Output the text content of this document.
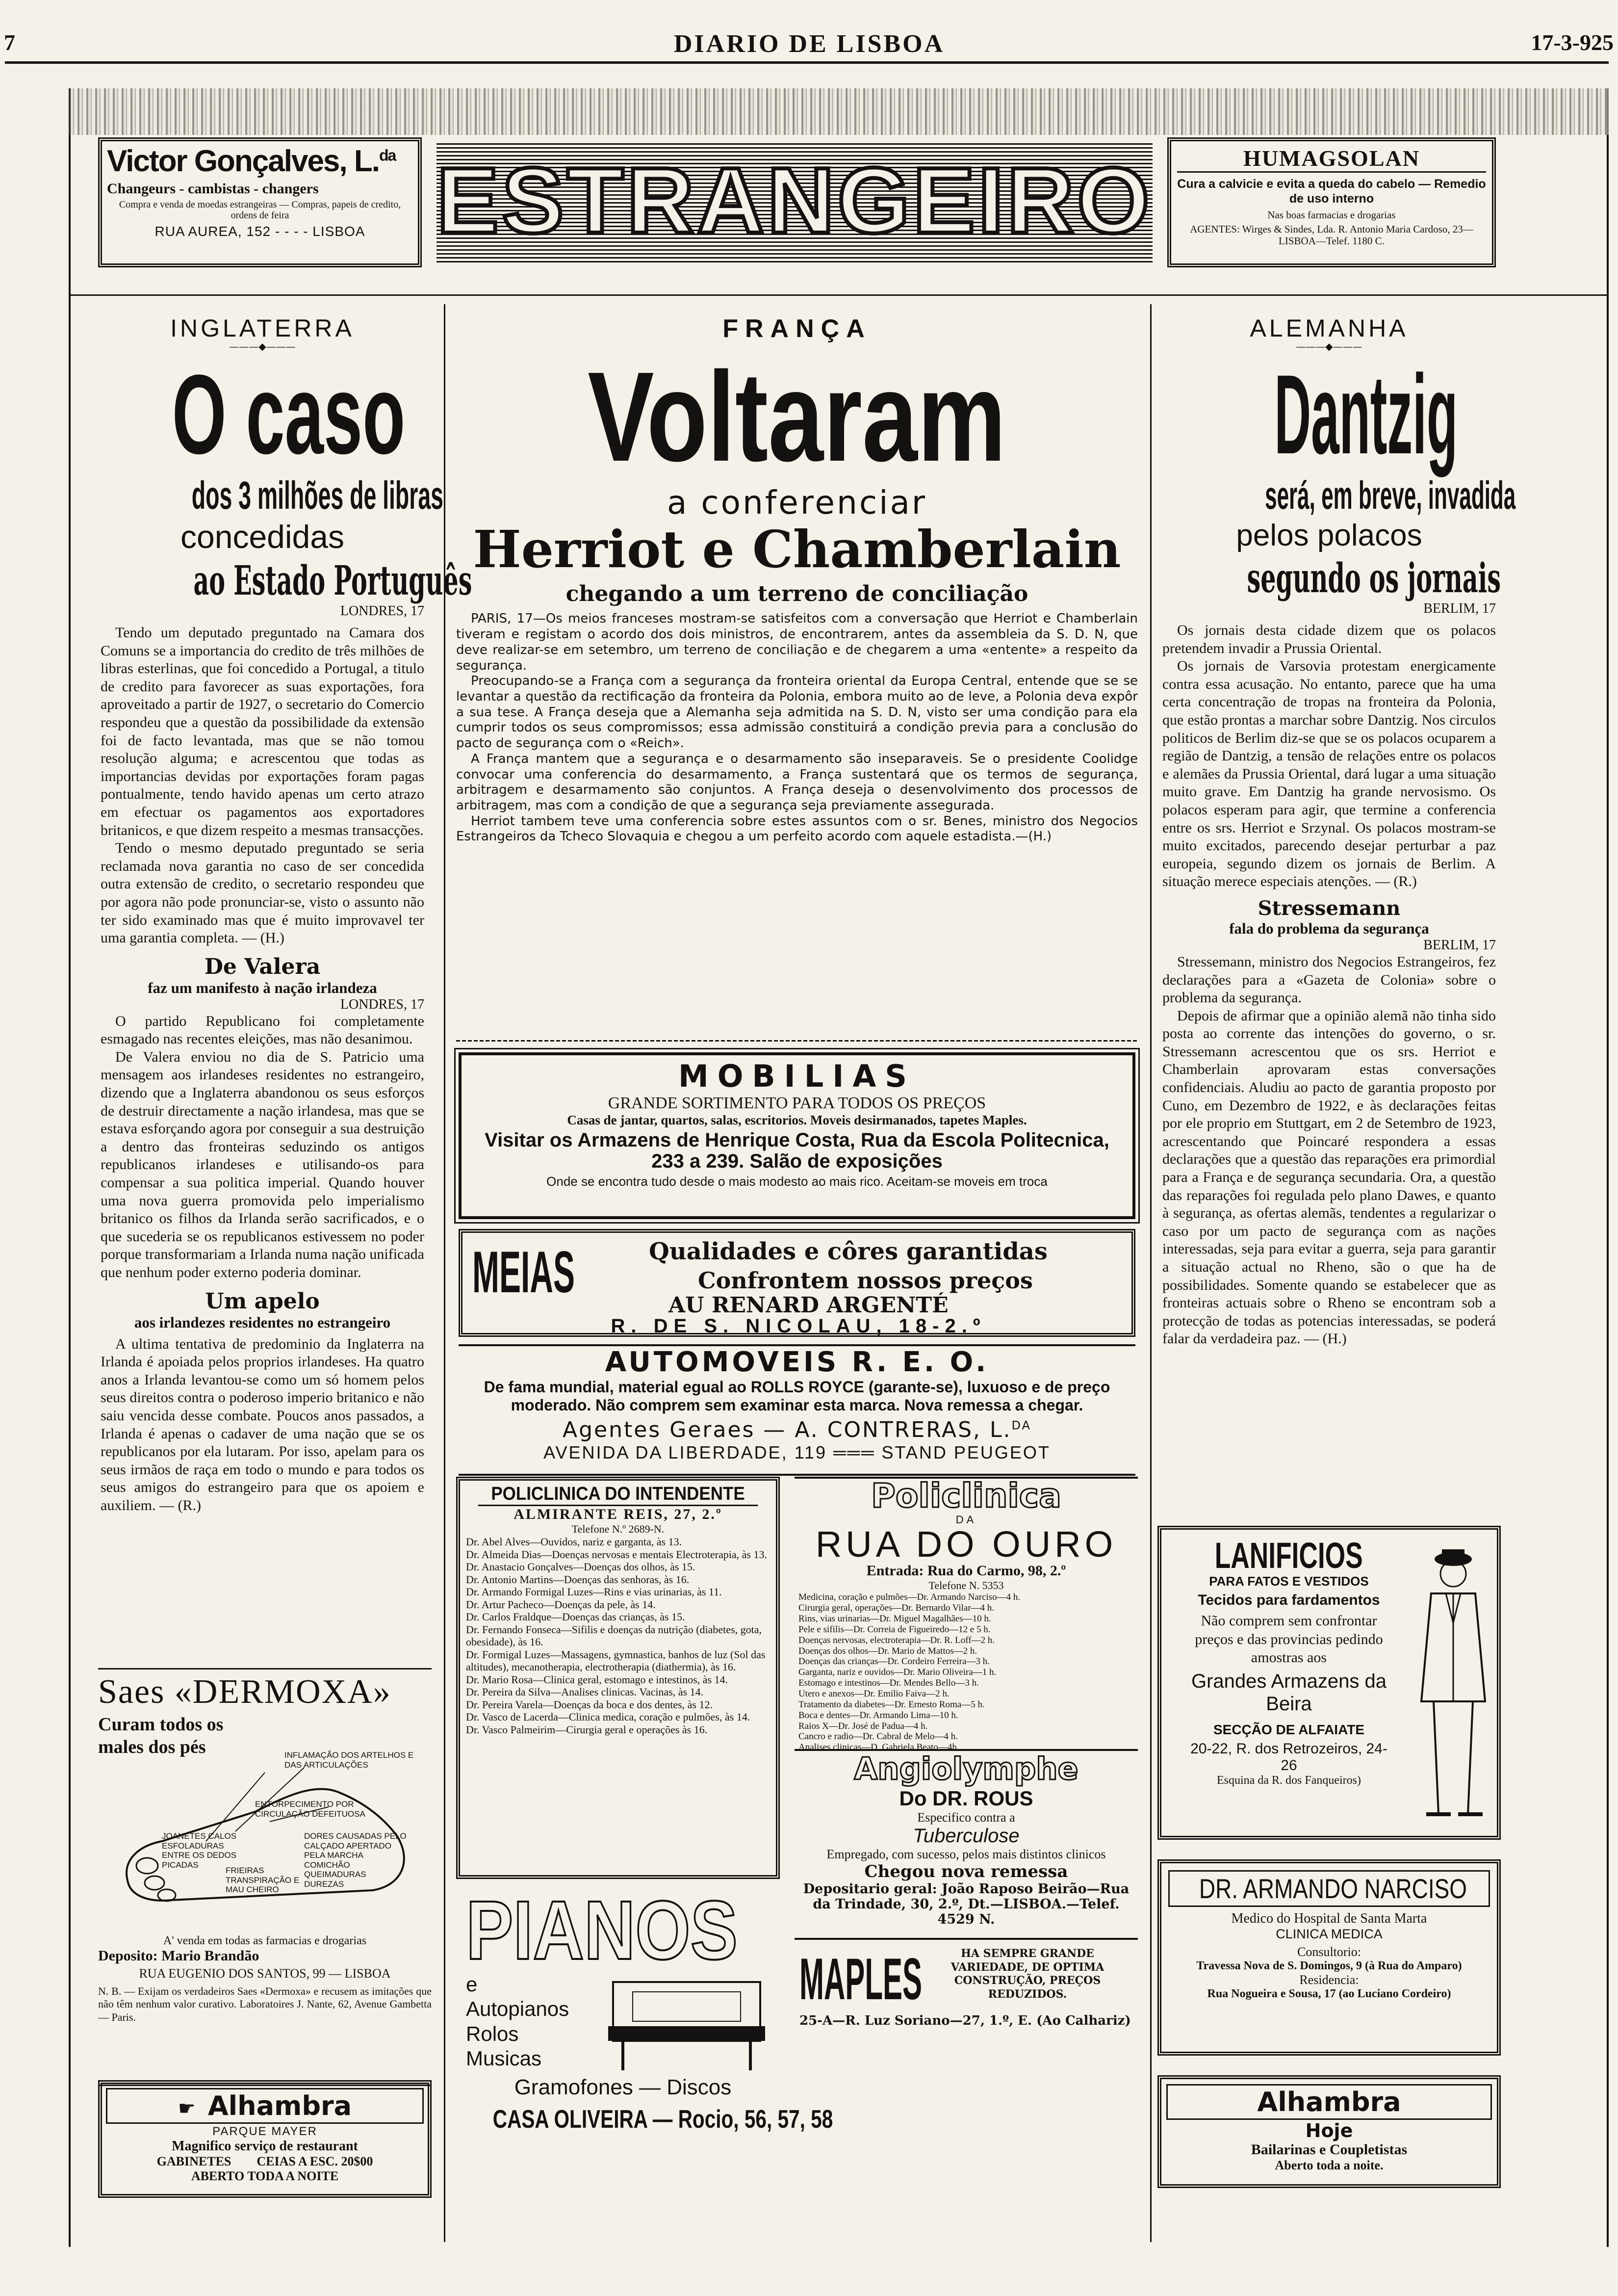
7	DIARIO DE LISBOA	17-3-925
Victor Gonçalves, L.$^{da}$
Changeurs - cambistas - changers
Compra e venda de moedas estrangeiras — Compras, papeis de credito, ordens de feira
RUA AUREA, 152 - - - - LISBOA ESTRANGEIRO	HUMAGSOLAN
Cura a calvicie e evita a queda do cabelo — Remedio de uso interno
Nas boas farmacias e drogarias
AGENTES: Wirges & Sindes, Lda. R. Antonio Maria Cardoso, 23—LISBOA—Telef. 1180 C.
INGLATERRA
———◆———
O caso
dos 3 milhões de libras
concedidas
ao Estado Português
LONDRES, 17

Tendo um deputado preguntado na Camara dos Comuns se a importancia do credito de três milhões de libras esterlinas, que foi concedido a Portugal, a titulo de credito para favorecer as suas exportações, fora aproveitado a partir de 1927, o secretario do Comercio respondeu que a questão da possibilidade da extensão foi de facto levantada, mas que se não tomou resolução alguma; e acrescentou que todas as importancias devidas por exportações foram pagas pontualmente, tendo havido apenas um certo atrazo em efectuar os pagamentos aos exportadores britanicos, e que dizem respeito a mesmas transacções.

Tendo o mesmo deputado preguntado se seria reclamada nova garantia no caso de ser concedida outra extensão de credito, o secretario respondeu que por agora não pode pronunciar-se, visto o assunto não ter sido examinado mas que é muito improvavel ter uma garantia completa. — (H.)

De Valera
faz um manifesto à nação irlandeza
LONDRES, 17

O partido Republicano foi completamente esmagado nas recentes eleições, mas não desanimou.

De Valera enviou no dia de S. Patricio uma mensagem aos irlandeses residentes no estrangeiro, dizendo que a Inglaterra abandonou os seus esforços de destruir directamente a nação irlandesa, mas que se estava esforçando agora por conseguir a sua destruição a dentro das fronteiras seduzindo os antigos republicanos irlandeses e utilisando-os para compensar a sua politica imperial. Quando houver uma nova guerra promovida pelo imperialismo britanico os filhos da Irlanda serão sacrificados, e o que sucederia se os republicanos estivessem no poder porque transformariam a Irlanda numa nação unificada que nenhum poder externo poderia dominar.

Um apelo
aos irlandezes residentes no estrangeiro

A ultima tentativa de predominio da Inglaterra na Irlanda é apoiada pelos proprios irlandeses. Ha quatro anos a Irlanda levantou-se como um só homem pelos seus direitos contra o poderoso imperio britanico e não saiu vencida desse combate. Poucos anos passados, a Irlanda é apenas o cadaver de uma nação que se os republicanos por ela lutaram. Por isso, apelam para os seus irmãos de raça em todo o mundo e para todos os seus amigos do estrangeiro para que os apoiem e auxiliem. — (R.)

Saes «DERMOXA»
Curam todos os males dos pés	INFLAMAÇÃO DOS ARTELHOS E DAS ARTICULAÇÕES
ENTORPECIMENTO POR CIRCULAÇÃO DEFEITUOSA
JOANETES CALOS ESFOLADURAS ENTRE OS DEDOS PICADAS
DORES CAUSADAS PELO CALÇADO APERTADO PELA MARCHA COMICHÃO QUEIMADURAS DUREZAS
FRIEIRAS TRANSPIRAÇÃO E MAU CHEIRO
A' venda em todas as farmacias e drogarias
Deposito: Mario Brandão
RUA EUGENIO DOS SANTOS, 99 — LISBOA
N. B. — Exijam os verdadeiros Saes «Dermoxa» e recusem as imitações que não têm nenhum valor curativo. Laboratoires J. Nante, 62, Avenue Gambetta — Paris.
☛ Alhambra
PARQUE MAYER
Magnifico serviço de restaurant
GABINETES        CEIAS A ESC. 20$00
ABERTO TODA A NOITE
FRANÇA
Voltaram
a conferenciar
Herriot e Chamberlain
chegando a um terreno de conciliação

PARIS, 17—Os meios franceses mostram-se satisfeitos com a conversação que Herriot e Chamberlain tiveram e registam o acordo dos dois ministros, de encontrarem, antes da assembleia da S. D. N, que deve realizar-se em setembro, um terreno de conciliação e de chegarem a uma «entente» a respeito da segurança.

Preocupando-se a França com a segurança da fronteira oriental da Europa Central, entende que se se levantar a questão da rectificação da fronteira da Polonia, embora muito ao de leve, a Polonia deva expôr a sua tese. A França deseja que a Alemanha seja admitida na S. D. N, visto ser uma condição para ela cumprir todos os seus compromissos; essa admissão constituirá a condição previa para a conclusão do pacto de segurança com o «Reich».

A França mantem que a segurança e o desarmamento são inseparaveis. Se o presidente Coolidge convocar uma conferencia do desarmamento, a França sustentará que os termos de segurança, arbitragem e desarmamento são conjuntos. A França deseja o desenvolvimento dos processos de arbitragem, mas com a condição de que a segurança seja previamente assegurada.

Herriot tambem teve uma conferencia sobre estes assuntos com o sr. Benes, ministro dos Negocios Estrangeiros da Tcheco Slovaquia e chegou a um perfeito acordo com aquele estadista.—(H.)

MOBILIAS
GRANDE SORTIMENTO PARA TODOS OS PREÇOS
Casas de jantar, quartos, salas, escritorios. Moveis desirmanados, tapetes Maples.
Visitar os Armazens de Henrique Costa, Rua da Escola Politecnica, 233 a 239. Salão de exposições
Onde se encontra tudo desde o mais modesto ao mais rico. Aceitam-se moveis em troca
MEIAS	Qualidades e côres garantidas
Confrontem nossos preços
AU RENARD ARGENTÉ
R. DE S. NICOLAU, 18-2.º
AUTOMOVEIS R. E. O.
De fama mundial, material egual ao ROLLS ROYCE (garante-se), luxuoso e de preço moderado. Não comprem sem examinar esta marca. Nova remessa a chegar.
Agentes Geraes — A. CONTRERAS, L.$^{DA}$
AVENIDA DA LIBERDADE, 119 ═══ STAND PEUGEOT
POLICLINICA DO INTENDENTE
ALMIRANTE REIS, 27, 2.º
Telefone N.º 2689-N.
Dr. Abel Alves—Ouvidos, nariz e garganta, às 13.
Dr. Almeida Dias—Doenças nervosas e mentais Electroterapia, às 13.
Dr. Anastacio Gonçalves—Doenças dos olhos, às 15.
Dr. Antonio Martins—Doenças das senhoras, às 16.
Dr. Armando Formigal Luzes—Rins e vias urinarias, às 11.
Dr. Artur Pacheco—Doenças da pele, às 14.
Dr. Carlos Fraldque—Doenças das crianças, às 15.
Dr. Fernando Fonseca—Sifilis e doenças da nutrição (diabetes, gota, obesidade), às 16.
Dr. Formigal Luzes—Massagens, gymnastica, banhos de luz (Sol das altitudes), mecanotherapia, electrotherapia (diathermia), às 16.
Dr. Mario Rosa—Clinica geral, estomago e intestinos, às 14.
Dr. Pereira da Silva—Analises clinicas. Vacinas, às 14.
Dr. Pereira Varela—Doenças da boca e dos dentes, às 12.
Dr. Vasco de Lacerda—Clinica medica, coração e pulmões, às 14.
Dr. Vasco Palmeirim—Cirurgia geral e operações às 16.
Policlinica
DA
RUA DO OURO
Entrada: Rua do Carmo, 98, 2.º
Telefone N. 5353
Medicina, coração e pulmões—Dr. Armando Narciso—4 h.
Cirurgia geral, operações—Dr. Bernardo Vilar—4 h.
Rins, vias urinarias—Dr. Miguel Magalhães—10 h.
Pele e sifilis—Dr. Correia de Figueiredo—12 e 5 h.
Doenças nervosas, electroterapia—Dr. R. Loff—2 h.
Doenças dos olhos—Dr. Mario de Mattos—2 h.
Doenças das crianças—Dr. Cordeiro Ferreira—3 h.
Garganta, nariz e ouvidos—Dr. Mario Oliveira—1 h.
Estomago e intestinos—Dr. Mendes Bello—3 h.
Utero e anexos—Dr. Emilio Faiva—2 h.
Tratamento da diabetes—Dr. Ernesto Roma—5 h.
Boca e dentes—Dr. Armando Lima—10 h.
Raios X—Dr. José de Padua—4 h.
Cancro e radio—Dr. Cabral de Melo—4 h.
Analises clinicas—D. Gabriela Beato—4h.
Angiolymphe
Do DR. ROUS
Especifico contra a
Tuberculose
Empregado, com sucesso, pelos mais distintos clinicos
Chegou nova remessa
Depositario geral: João Raposo Beirão—Rua da Trindade, 30, 2.º, Dt.—LISBOA.—Telef. 4529 N.
PIANOS
e
Autopianos
Rolos
Musicas
Gramofones — Discos
CASA OLIVEIRA — Rocio, 56, 57, 58
MAPLES	HA SEMPRE GRANDE VARIEDADE, DE OPTIMA CONSTRUÇÃO, PREÇOS REDUZIDOS.
25-A—R. Luz Soriano—27, 1.º, E. (Ao Calhariz)
ALEMANHA
———◆———
Dantzig
será, em breve, invadida
pelos polacos
segundo os jornais
BERLIM, 17

Os jornais desta cidade dizem que os polacos pretendem invadir a Prussia Oriental.

Os jornais de Varsovia protestam energicamente contra essa acusação. No entanto, parece que ha uma certa concentração de tropas na fronteira da Polonia, que estão prontas a marchar sobre Dantzig. Nos circulos politicos de Berlim diz-se que se os polacos ocuparem a região de Dantzig, a tensão de relações entre os polacos e alemães da Prussia Oriental, dará lugar a uma situação muito grave. Em Dantzig ha grande nervosismo. Os polacos esperam para agir, que termine a conferencia entre os srs. Herriot e Srzynal. Os polacos mostram-se muito excitados, parecendo desejar perturbar a paz europeia, segundo dizem os jornais de Berlim. A situação merece especiais atenções. — (R.)

Stressemann
fala do problema da segurança
BERLIM, 17

Stressemann, ministro dos Negocios Estrangeiros, fez declarações para a «Gazeta de Colonia» sobre o problema da segurança.

Depois de afirmar que a opinião alemã não tinha sido posta ao corrente das intenções do governo, o sr. Stressemann acrescentou que os srs. Herriot e Chamberlain aprovaram estas conversações confidenciais. Aludiu ao pacto de garantia proposto por Cuno, em Dezembro de 1922, e às declarações feitas por ele proprio em Stuttgart, em 2 de Setembro de 1923, acrescentando que Poincaré respondera a essas declarações que a questão das reparações era primordial para a França e de segurança secundaria. Ora, a questão das reparações foi regulada pelo plano Dawes, e quanto à segurança, as ofertas alemãs, tendentes a regularizar o caso por um pacto de segurança com as nações interessadas, seja para evitar a guerra, seja para garantir a situação actual no Rheno, são o que ha de possibilidades. Somente quando se estabelecer que as fronteiras actuais sobre o Rheno se encontram sob a protecção de todas as potencias interessadas, se poderá falar da verdadeira paz. — (H.)

LANIFICIOS
PARA FATOS E VESTIDOS
Tecidos para fardamentos
Não comprem sem confrontar preços e das provincias pedindo amostras aos
Grandes Armazens da Beira
SECÇÃO DE ALFAIATE
20-22, R. dos Retrozeiros, 24-26
Esquina da R. dos Fanqueiros)
DR. ARMANDO NARCISO
Medico do Hospital de Santa Marta
CLINICA MEDICA
Consultorio:
Travessa Nova de S. Domingos, 9 (à Rua do Amparo)
Residencia:
Rua Nogueira e Sousa, 17 (ao Luciano Cordeiro)
Alhambra
Hoje
Bailarinas e Coupletistas
Aberto toda a noite.
